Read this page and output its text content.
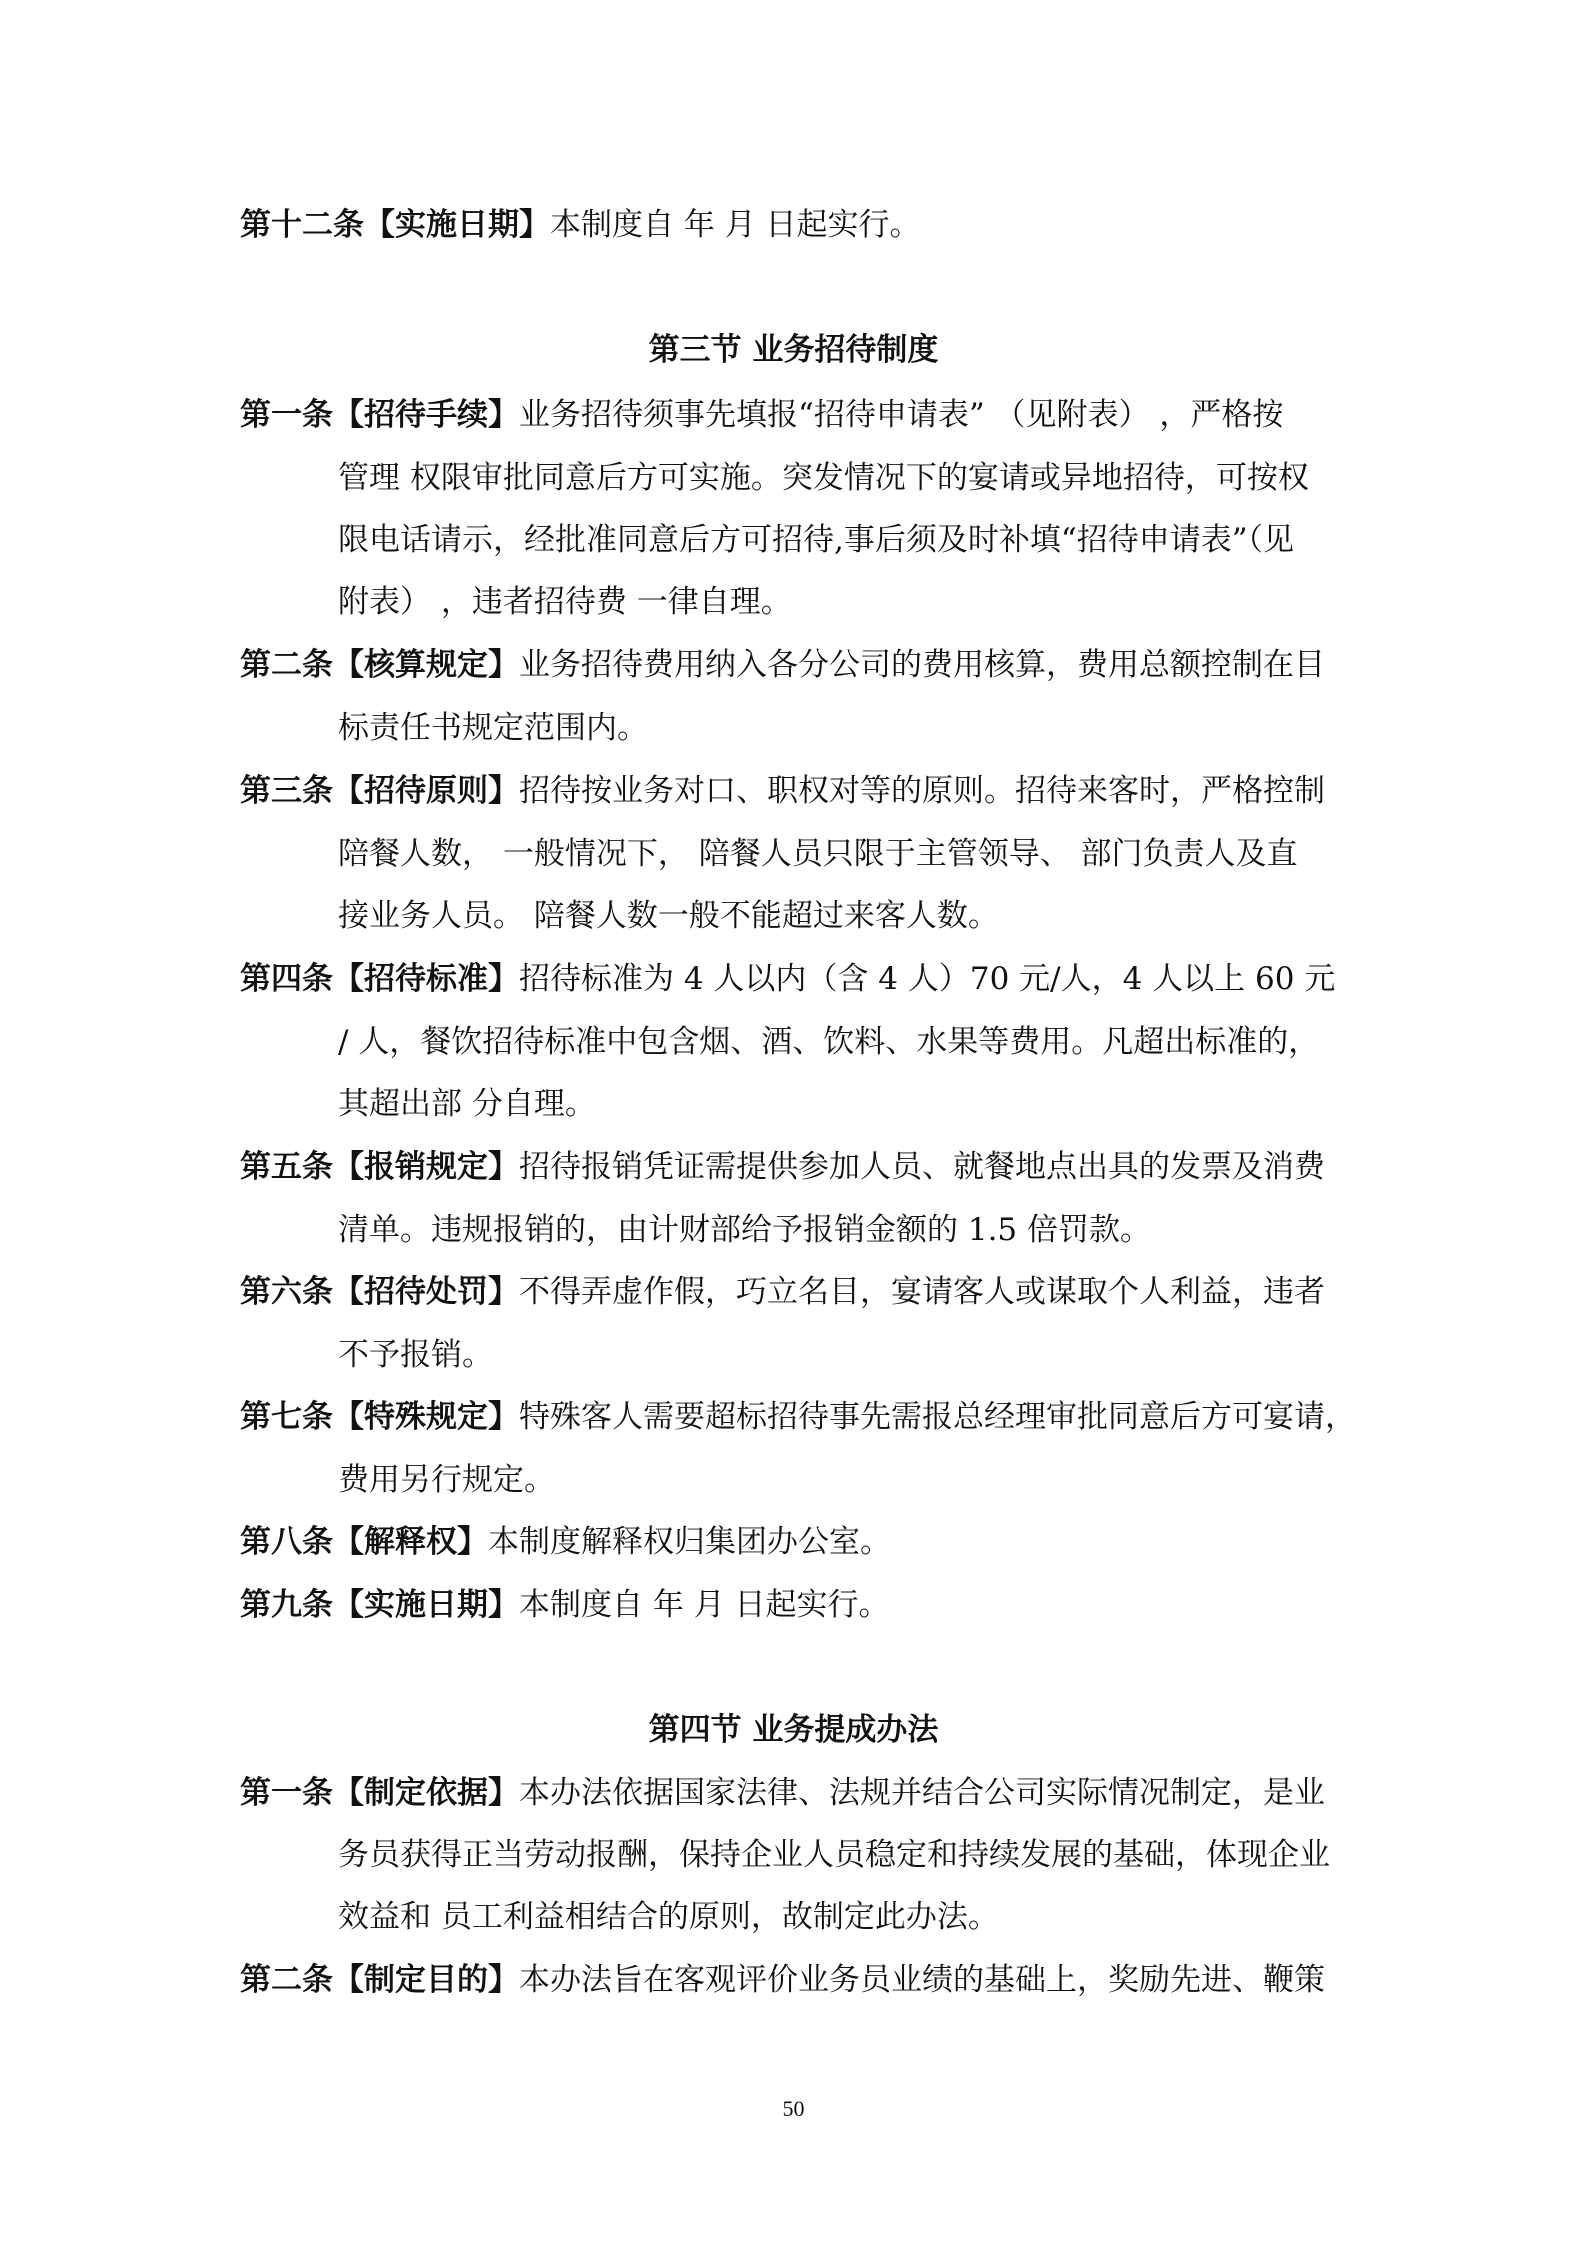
第十二条【实施日期】本制度自 年 月 日起实行。
第三节 业务招待制度
第一条【招待手续】业务招待须事先填报“招待申请表” （见附表） ，严格按
管理 权限审批同意后方可实施。突发情况下的宴请或异地招待，可按权
限电话请示，经批准同意后方可招待,事后须及时补填“招待申请表”（见
附表） ，违者招待费 一律自理。
第二条【核算规定】业务招待费用纳入各分公司的费用核算，费用总额控制在目
标责任书规定范围内。
第三条【招待原则】招待按业务对口、职权对等的原则。招待来客时，严格控制
陪餐人数， 一般情况下， 陪餐人员只限于主管领导、 部门负责人及直
接业务人员。 陪餐人数一般不能超过来客人数。
第四条【招待标准】招待标准为 4 人以内（含 4 人）70 元/人，4 人以上 60 元
/ 人，餐饮招待标准中包含烟、酒、饮料、水果等费用。凡超出标准的，
其超出部 分自理。
第五条【报销规定】招待报销凭证需提供参加人员、就餐地点出具的发票及消费
清单。违规报销的，由计财部给予报销金额的 1.5 倍罚款。
第六条【招待处罚】不得弄虚作假，巧立名目，宴请客人或谋取个人利益，违者
不予报销。
第七条【特殊规定】特殊客人需要超标招待事先需报总经理审批同意后方可宴请，
费用另行规定。
第八条【解释权】本制度解释权归集团办公室。
第九条【实施日期】本制度自 年 月 日起实行。
第四节 业务提成办法
第一条【制定依据】本办法依据国家法律、法规并结合公司实际情况制定，是业
务员获得正当劳动报酬，保持企业人员稳定和持续发展的基础，体现企业
效益和 员工利益相结合的原则，故制定此办法。
第二条【制定目的】本办法旨在客观评价业务员业绩的基础上，奖励先进、鞭策
50
